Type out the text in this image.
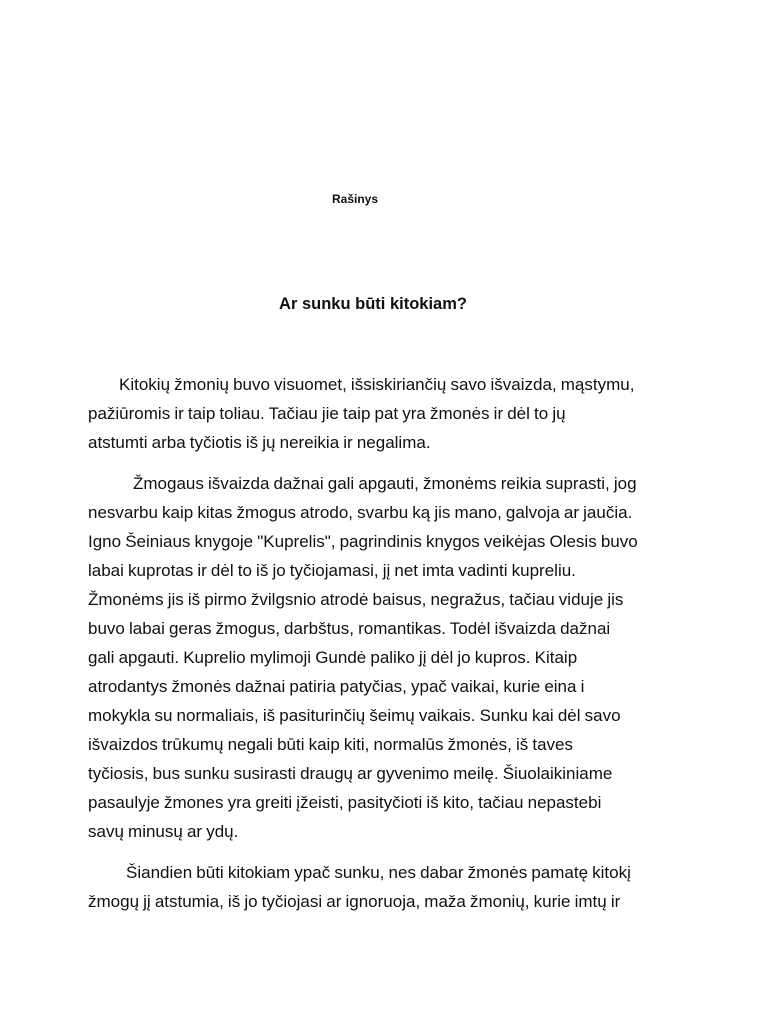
Rašinys
Ar sunku būti kitokiam?

Kitokių žmonių buvo visuomet, išsiskiriančių savo išvaizda, mąstymu,
pažiūromis ir taip toliau. Tačiau jie taip pat yra žmonės ir dėl to jų
atstumti arba tyčiotis iš jų nereikia ir negalima.

Žmogaus išvaizda dažnai gali apgauti, žmonėms reikia suprasti, jog
nesvarbu kaip kitas žmogus atrodo, svarbu ką jis mano, galvoja ar jaučia.
Igno Šeiniaus knygoje "Kuprelis", pagrindinis knygos veikėjas Olesis buvo
labai kuprotas ir dėl to iš jo tyčiojamasi, jį net imta vadinti kupreliu.
Žmonėms jis iš pirmo žvilgsnio atrodė baisus, negražus, tačiau viduje jis
buvo labai geras žmogus, darbštus, romantikas. Todėl išvaizda dažnai
gali apgauti. Kuprelio mylimoji Gundė paliko jį dėl jo kupros. Kitaip
atrodantys žmonės dažnai patiria patyčias, ypač vaikai, kurie eina i
mokykla su normaliais, iš pasiturinčių šeimų vaikais. Sunku kai dėl savo
išvaizdos trūkumų negali būti kaip kiti, normalūs žmonės, iš taves
tyčiosis, bus sunku susirasti draugų ar gyvenimo meilę. Šiuolaikiniame
pasaulyje žmones yra greiti įžeisti, pasityčioti iš kito, tačiau nepastebi
savų minusų ar ydų.

Šiandien būti kitokiam ypač sunku, nes dabar žmonės pamatę kitokį
žmogų jį atstumia, iš jo tyčiojasi ar ignoruoja, maža žmonių, kurie imtų ir
